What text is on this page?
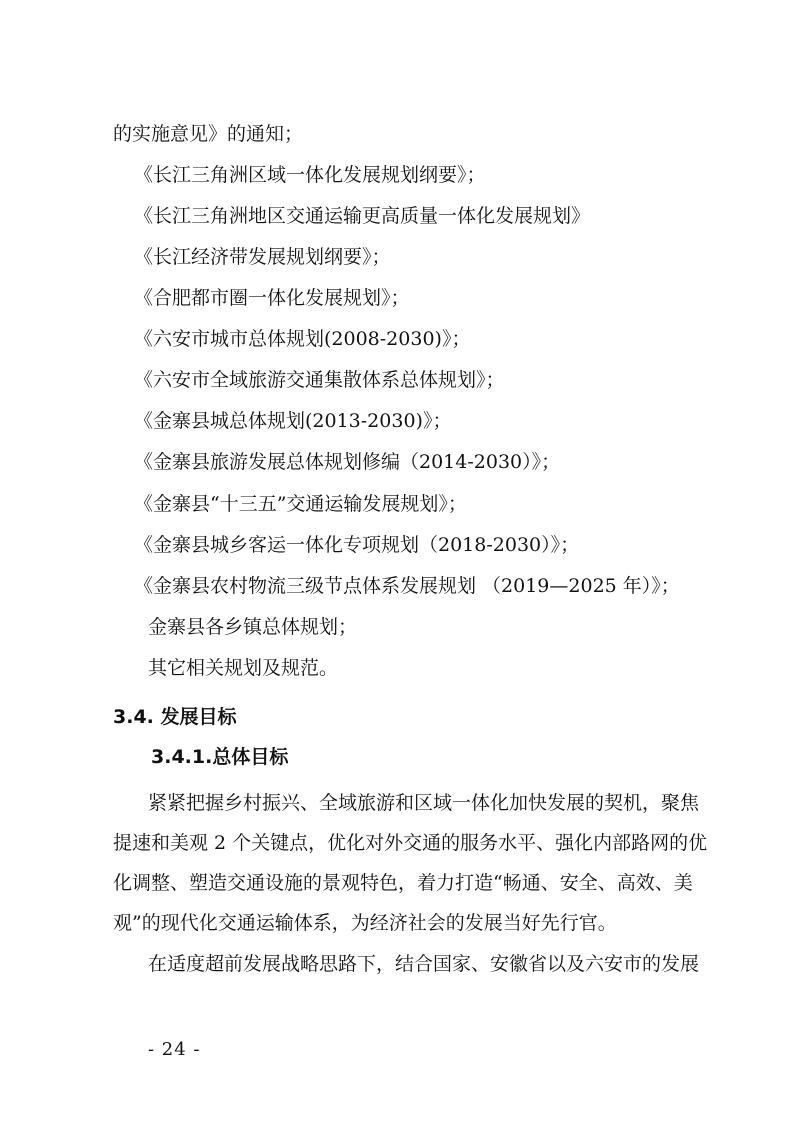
的实施意见》的通知；
《长江三角洲区域一体化发展规划纲要》；
《长江三角洲地区交通运输更高质量一体化发展规划》
《长江经济带发展规划纲要》；
《合肥都市圈一体化发展规划》；
《六安市城市总体规划(2008-2030)》；
《六安市全域旅游交通集散体系总体规划》；
《金寨县城总体规划(2013-2030)》；
《金寨县旅游发展总体规划修编（2014-2030）》；
《金寨县“十三五”交通运输发展规划》；
《金寨县城乡客运一体化专项规划（2018-2030）》；
《金寨县农村物流三级节点体系发展规划 （2019—2025 年）》；
金寨县各乡镇总体规划；
其它相关规划及规范。
3.4. 发展目标
3.4.1.总体目标
紧紧把握乡村振兴、全域旅游和区域一体化加快发展的契机，聚焦
提速和美观 2 个关键点，优化对外交通的服务水平、强化内部路网的优
化调整、塑造交通设施的景观特色，着力打造“畅通、安全、高效、美
观”的现代化交通运输体系，为经济社会的发展当好先行官。
在适度超前发展战略思路下，结合国家、安徽省以及六安市的发展
- 24 -
